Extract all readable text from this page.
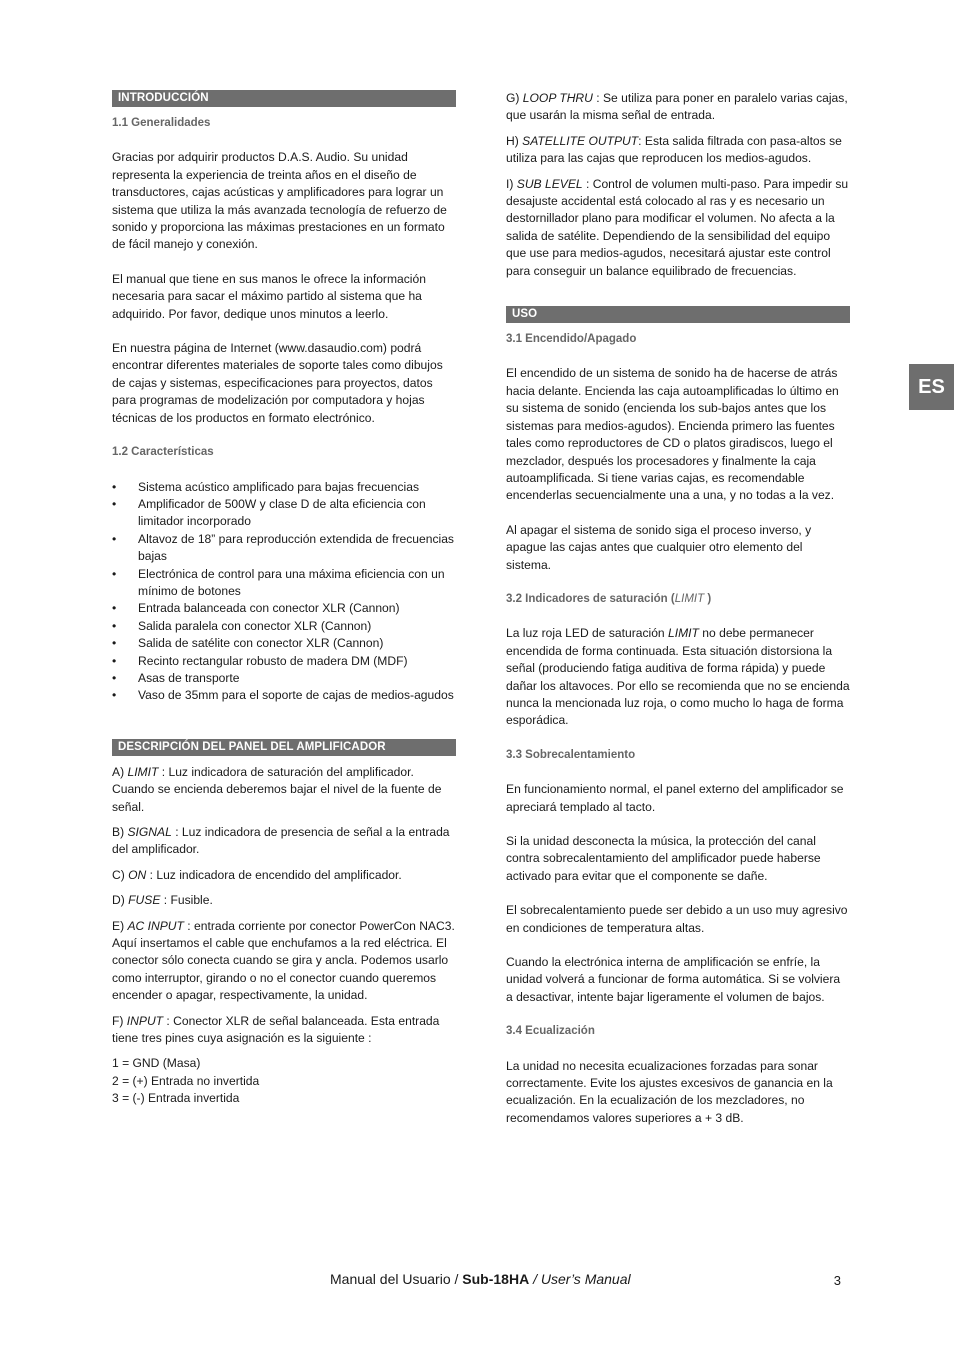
INTRODUCCIÓN

1.1 Generalidades

Gracias por adquirir productos D.A.S. Audio. Su unidad representa la experiencia de treinta años en el diseño de transductores, cajas acústicas y amplificadores para lograr un sistema que utiliza la más avanzada tecnología de refuerzo de sonido y proporciona las máximas prestaciones en un formato de fácil manejo y conexión.

El manual que tiene en sus manos le ofrece la información necesaria para sacar el máximo partido al sistema que ha adquirido. Por favor, dedique unos minutos a leerlo.

En nuestra página de Internet (www.dasaudio.com) podrá encontrar diferentes materiales de soporte tales como dibujos de cajas y sistemas, especificaciones para proyectos, datos para programas de modelización por computadora y hojas técnicas de los productos en formato electrónico.

1.2 Características

• Sistema acústico amplificado para bajas frecuencias
• Amplificador de 500W y clase D de alta eficiencia con limitador incorporado
• Altavoz de 18” para reproducción extendida de frecuencias bajas
• Electrónica de control para una máxima eficiencia con un mínimo de botones
• Entrada balanceada con conector XLR (Cannon)
• Salida paralela con conector XLR (Cannon)
• Salida de satélite con conector XLR (Cannon)
• Recinto rectangular robusto de madera DM (MDF)
• Asas de transporte
• Vaso de 35mm para el soporte de cajas de medios-agudos
DESCRIPCIÓN DEL PANEL DEL AMPLIFICADOR

A) LIMIT : Luz indicadora de saturación del amplificador. Cuando se encienda deberemos bajar el nivel de la fuente de señal.

B) SIGNAL : Luz indicadora de presencia de señal a la entrada del amplificador.

C) ON : Luz indicadora de encendido del amplificador.

D) FUSE : Fusible.

E) AC INPUT : entrada corriente por conector PowerCon NAC3. Aquí insertamos el cable que enchufamos a la red eléctrica. El conector sólo conecta cuando se gira y ancla. Podemos usarlo como interruptor, girando o no el conector cuando queremos encender o apagar, respectivamente, la unidad.

F) INPUT : Conector XLR de señal balanceada. Esta entrada tiene tres pines cuya asignación es la siguiente :

1 = GND (Masa)

2 = (+) Entrada no invertida

3 = (-) Entrada invertida

G) LOOP THRU : Se utiliza para poner en paralelo varias cajas, que usarán la misma señal de entrada.

H) SATELLITE OUTPUT: Esta salida filtrada con pasa-altos se utiliza para las cajas que reproducen los medios-agudos.

I) SUB LEVEL : Control de volumen multi-paso. Para impedir su desajuste accidental está colocado al ras y es necesario un destornillador plano para modificar el volumen. No afecta a la salida de satélite. Dependiendo de la sensibilidad del equipo que use para medios-agudos, necesitará ajustar este control para conseguir un balance equilibrado de frecuencias.

USO

3.1 Encendido/Apagado

El encendido de un sistema de sonido ha de hacerse de atrás hacia delante. Encienda las caja autoamplificadas lo último en su sistema de sonido (encienda los sub-bajos antes que los sistemas para medios-agudos). Encienda primero las fuentes tales como reproductores de CD o platos giradiscos, luego el mezclador, después los procesadores y finalmente la caja autoamplificada. Si tiene varias cajas, es recomendable encenderlas secuencialmente una a una, y no todas a la vez.

Al apagar el sistema de sonido siga el proceso inverso, y apague las cajas antes que cualquier otro elemento del sistema.

3.2 Indicadores de saturación (LIMIT )

La luz roja LED de saturación LIMIT no debe permanecer encendida de forma continuada. Esta situación distorsiona la señal (produciendo fatiga auditiva de forma rápida) y puede dañar los altavoces. Por ello se recomienda que no se encienda nunca la mencionada luz roja, o como mucho lo haga de forma esporádica.

3.3 Sobrecalentamiento

En funcionamiento normal, el panel externo del amplificador se apreciará templado al tacto.

Si la unidad desconecta la música, la protección del canal contra sobrecalentamiento del amplificador puede haberse activado para evitar que el componente se dañe.

El sobrecalentamiento puede ser debido a un uso muy agresivo en condiciones de temperatura altas.

Cuando la electrónica interna de amplificación se enfríe, la unidad volverá a funcionar de forma automática. Si se volviera a desactivar, intente bajar ligeramente el volumen de bajos.

3.4 Ecualización

La unidad no necesita ecualizaciones forzadas para sonar correctamente. Evite los ajustes excesivos de ganancia en la ecualización. En la ecualización de los mezcladores, no recomendamos valores superiores a + 3 dB.

ES
Manual del Usuario / Sub-18HA / User’s Manual	3
